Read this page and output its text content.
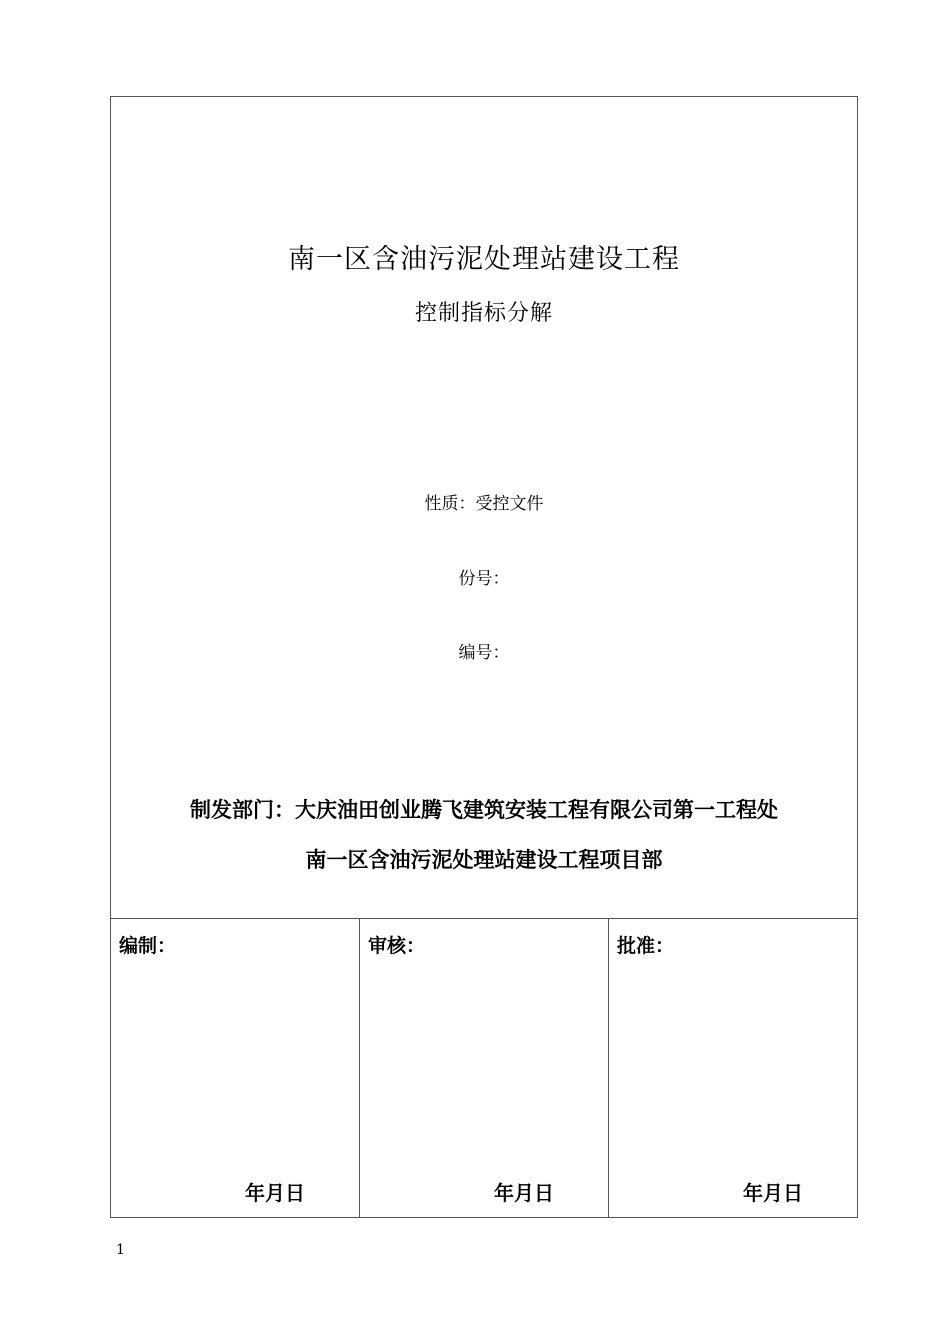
南一区含油污泥处理站建设工程
控制指标分解
性质：受控文件
份号：
编号：
制发部门：大庆油田创业腾飞建筑安装工程有限公司第一工程处
南一区含油污泥处理站建设工程项目部
编制：
年月日
审核：
年月日
批准：
年月日
1
